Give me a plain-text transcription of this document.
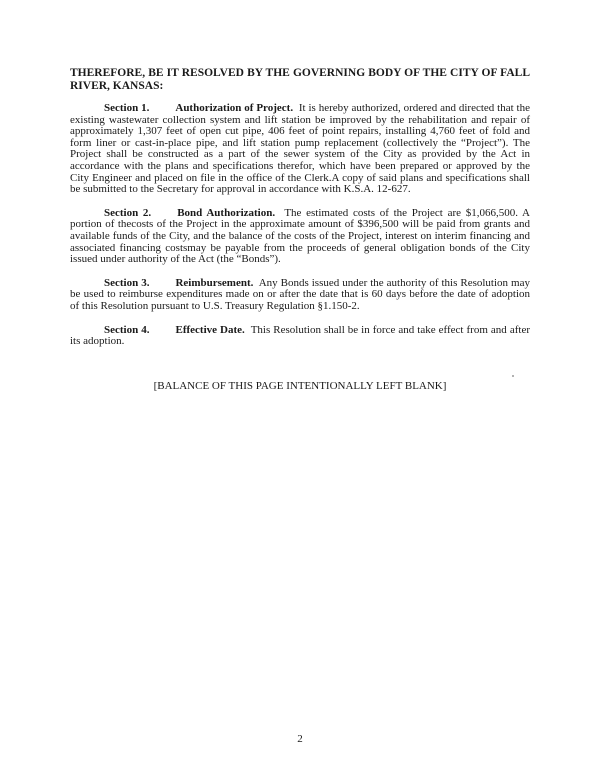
THEREFORE, BE IT RESOLVED BY THE GOVERNING BODY OF THE CITY OF FALL RIVER, KANSAS:

Section 1. Authorization of Project. It is hereby authorized, ordered and directed that the existing wastewater collection system and lift station be improved by the rehabilitation and repair of approximately 1,307 feet of open cut pipe, 406 feet of point repairs, installing 4,760 feet of fold and form liner or cast-in-place pipe, and lift station pump replacement (collectively the “Project”). The Project shall be constructed as a part of the sewer system of the City as provided by the Act in accordance with the plans and specifications therefor, which have been prepared or approved by the City Engineer and placed on file in the office of the Clerk.A copy of said plans and specifications shall be submitted to the Secretary for approval in accordance with K.S.A. 12-627.

Section 2. Bond Authorization. The estimated costs of the Project are $1,066,500. A portion of thecosts of the Project in the approximate amount of $396,500 will be paid from grants and available funds of the City, and the balance of the costs of the Project, interest on interim financing and associated financing costsmay be payable from the proceeds of general obligation bonds of the City issued under authority of the Act (the “Bonds”).

Section 3. Reimbursement. Any Bonds issued under the authority of this Resolution may be used to reimburse expenditures made on or after the date that is 60 days before the date of adoption of this Resolution pursuant to U.S. Treasury Regulation §1.150-2.

Section 4. Effective Date. This Resolution shall be in force and take effect from and after its adoption.

[BALANCE OF THIS PAGE INTENTIONALLY LEFT BLANK]

2
